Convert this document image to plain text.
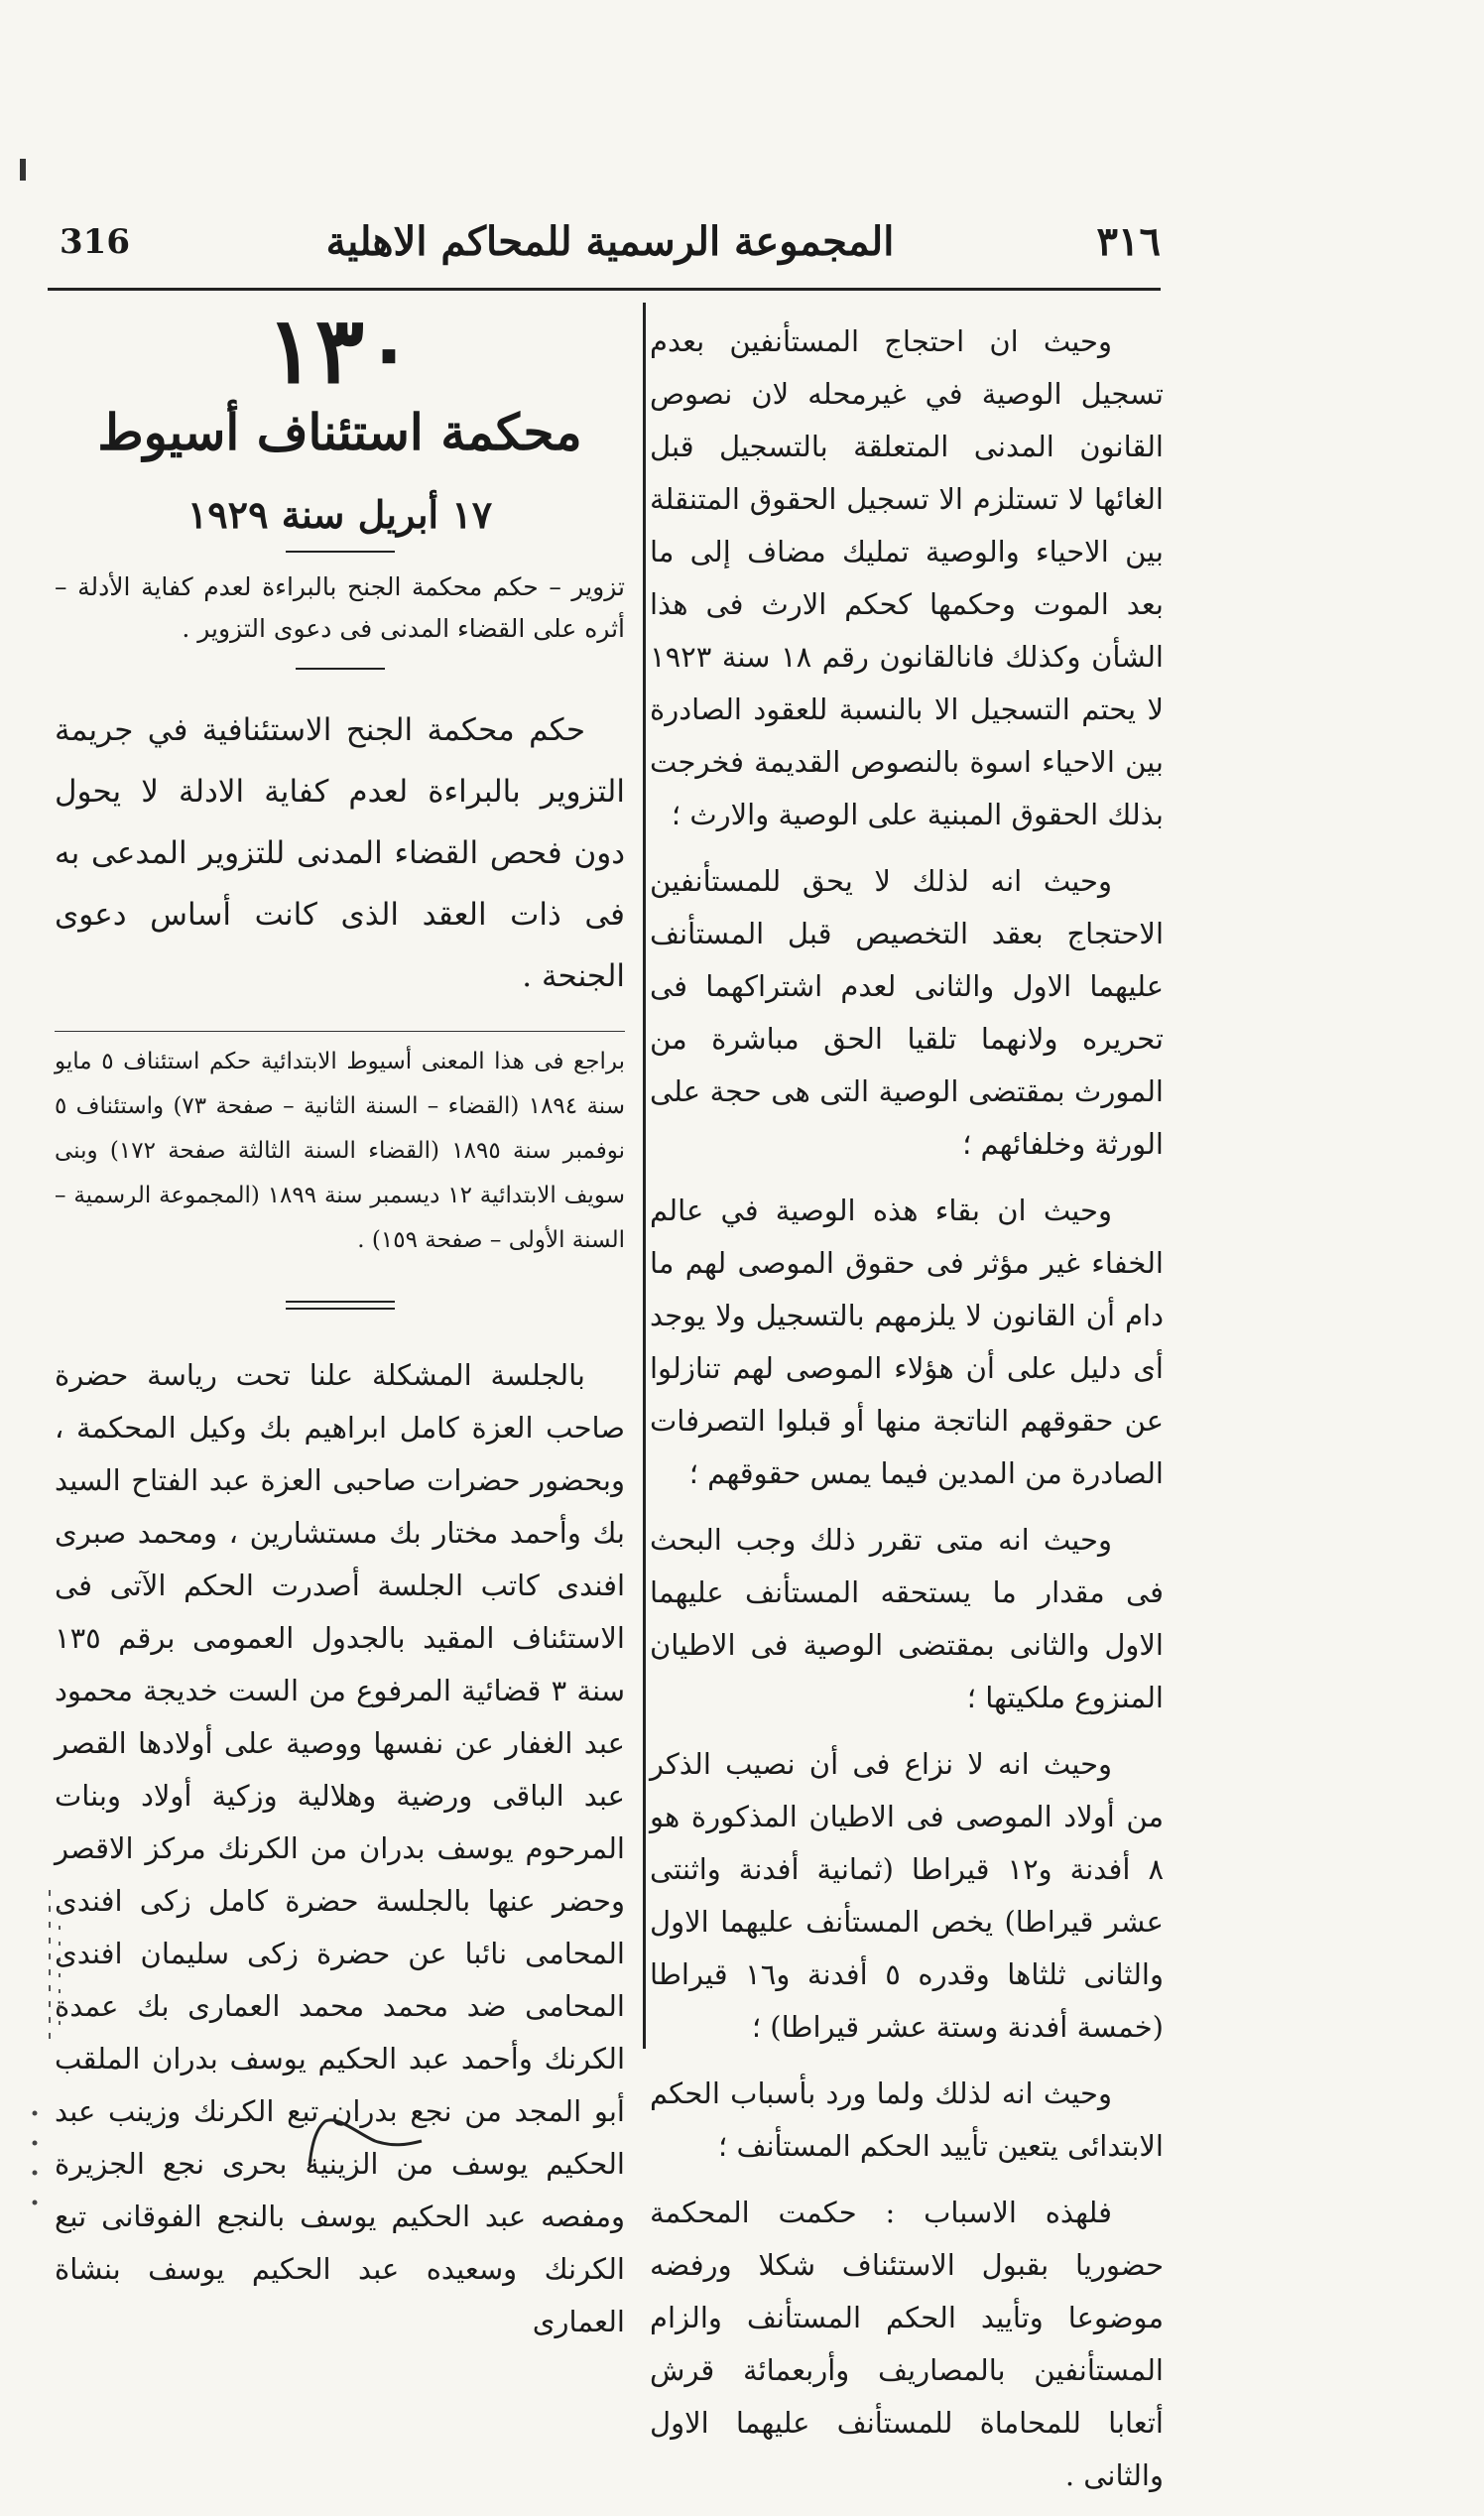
٣١٦
المجموعة الرسمية للمحاكم الاهلية
316

وحيث ان احتجاج المستأنفين بعدم تسجيل الوصية في غيرمحله لان نصوص القانون المدنى المتعلقة بالتسجيل قبل الغائها لا تستلزم الا تسجيل الحقوق المتنقلة بين الاحياء والوصية تمليك مضاف إلى ما بعد الموت وحكمها كحكم الارث فى هذا الشأن وكذلك فانالقانون رقم ١٨ سنة ١٩٢٣ لا يحتم التسجيل الا بالنسبة للعقود الصادرة بين الاحياء اسوة بالنصوص القديمة فخرجت بذلك الحقوق المبنية على الوصية والارث ؛

وحيث انه لذلك لا يحق للمستأنفين الاحتجاج بعقد التخصيص قبل المستأنف عليهما الاول والثانى لعدم اشتراكهما فى تحريره ولانهما تلقيا الحق مباشرة من المورث بمقتضى الوصية التى هى حجة على الورثة وخلفائهم ؛

وحيث ان بقاء هذه الوصية في عالم الخفاء غير مؤثر فى حقوق الموصى لهم ما دام أن القانون لا يلزمهم بالتسجيل ولا يوجد أى دليل على أن هؤلاء الموصى لهم تنازلوا عن حقوقهم الناتجة منها أو قبلوا التصرفات الصادرة من المدين فيما يمس حقوقهم ؛

وحيث انه متى تقرر ذلك وجب البحث فى مقدار ما يستحقه المستأنف عليهما الاول والثانى بمقتضى الوصية فى الاطيان المنزوع ملكيتها ؛

وحيث انه لا نزاع فى أن نصيب الذكر من أولاد الموصى فى الاطيان المذكورة هو ٨ أفدنة و١٢ قيراطا (ثمانية أفدنة واثنتى عشر قيراطا) يخص المستأنف عليهما الاول والثانى ثلثاها وقدره ٥ أفدنة و١٦ قيراطا (خمسة أفدنة وستة عشر قيراطا) ؛

وحيث انه لذلك ولما ورد بأسباب الحكم الابتدائى يتعين تأييد الحكم المستأنف ؛

فلهذه الاسباب : حكمت المحكمة حضوريا بقبول الاستئناف شكلا ورفضه موضوعا وتأييد الحكم المستأنف والزام المستأنفين بالمصاريف وأربعمائة قرش أتعابا للمحاماة للمستأنف عليهما الاول والثانى .

١٣٠

محكمة استئناف أسيوط

١٧ أبريل سنة ١٩٢٩

تزوير – حكم محكمة الجنح بالبراءة لعدم كفاية الأدلة – أثره على القضاء المدنى فى دعوى التزوير .

حكم محكمة الجنح الاستئنافية في جريمة التزوير بالبراءة لعدم كفاية الادلة لا يحول دون فحص القضاء المدنى للتزوير المدعى به فى ذات العقد الذى كانت أساس دعوى الجنحة .

براجع فى هذا المعنى أسيوط الابتدائية حكم استئناف ٥ مايو سنة ١٨٩٤ (القضاء – السنة الثانية – صفحة ٧٣) واستئناف ٥ نوفمبر سنة ١٨٩٥ (القضاء السنة الثالثة صفحة ١٧٢) وبنى سويف الابتدائية ١٢ ديسمبر سنة ١٨٩٩ (المجموعة الرسمية – السنة الأولى – صفحة ١٥٩) .

بالجلسة المشكلة علنا تحت رياسة حضرة صاحب العزة كامل ابراهيم بك وكيل المحكمة ، وبحضور حضرات صاحبى العزة عبد الفتاح السيد بك وأحمد مختار بك مستشارين ، ومحمد صبرى افندى كاتب الجلسة أصدرت الحكم الآتى فى الاستئناف المقيد بالجدول العمومى برقم ١٣٥ سنة ٣ قضائية المرفوع من الست خديجة محمود عبد الغفار عن نفسها ووصية على أولادها القصر عبد الباقى ورضية وهلالية وزكية أولاد وبنات المرحوم يوسف بدران من الكرنك مركز الاقصر وحضر عنها بالجلسة حضرة كامل زكى افندى المحامى نائبا عن حضرة زكى سليمان افندى المحامى ضد محمد محمد العمارى بك عمدة الكرنك وأحمد عبد الحكيم يوسف بدران الملقب أبو المجد من نجع بدران تبع الكرنك وزينب عبد الحكيم يوسف من الزينية بحرى نجع الجزيرة ومفصه عبد الحكيم يوسف بالنجع الفوقانى تبع الكرنك وسعيده عبد الحكيم يوسف بنشاة العمارى
